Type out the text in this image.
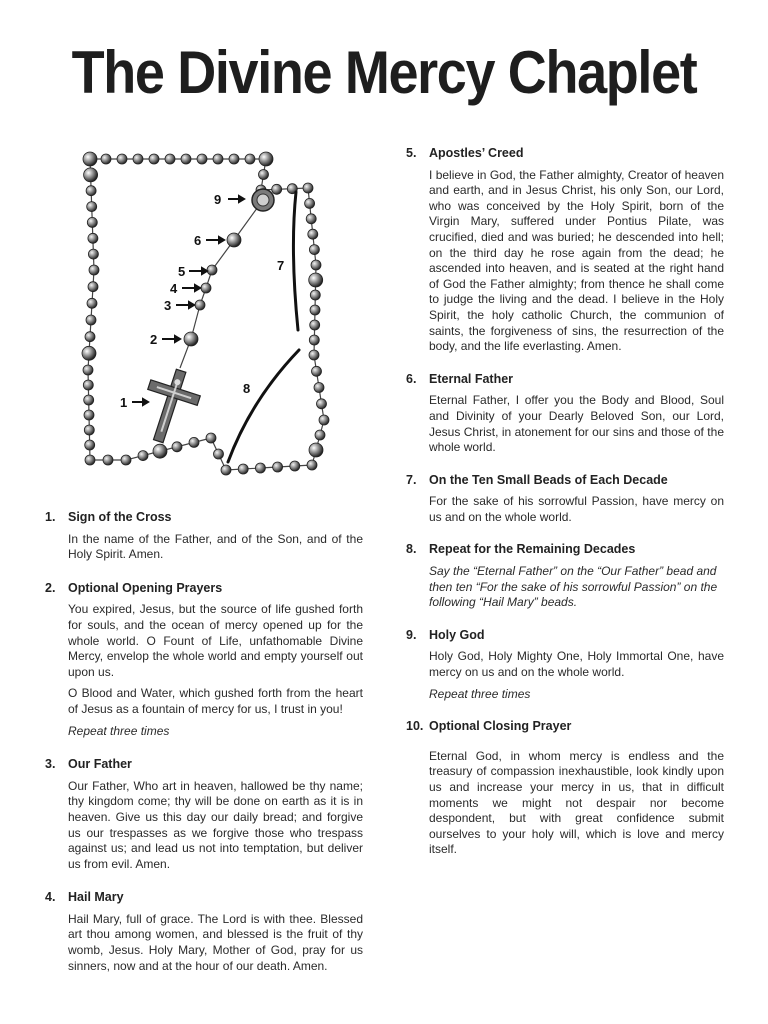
The Divine Mercy Chaplet
1
2
3
4
5
6
7
8
9
1.	Sign of the Cross

In the name of the Father, and of the Son, and of the Holy Spirit. Amen.

2.	Optional Opening Prayers

You expired, Jesus, but the source of life gushed forth for souls, and the ocean of mercy opened up for the whole world. O Fount of Life, unfathomable Divine Mercy, envelop the whole world and empty yourself out upon us.

O Blood and Water, which gushed forth from the heart of Jesus as a fountain of mercy for us, I trust in you!

Repeat three times

3.	Our Father

Our Father, Who art in heaven, hallowed be thy name; thy kingdom come; thy will be done on earth as it is in heaven. Give us this day our daily bread; and forgive us our trespasses as we forgive those who trespass against us; and lead us not into temptation, but deliver us from evil. Amen.

4.	Hail Mary

Hail Mary, full of grace. The Lord is with thee. Blessed art thou among women, and blessed is the fruit of thy womb, Jesus. Holy Mary, Mother of God, pray for us sinners, now and at the hour of our death. Amen.

5.	Apostles’ Creed

I believe in God, the Father almighty, Creator of heaven and earth, and in Jesus Christ, his only Son, our Lord, who was conceived by the Holy Spirit, born of the Virgin Mary, suffered under Pontius Pilate, was crucified, died and was buried; he descended into hell; on the third day he rose again from the dead; he ascended into heaven, and is seated at the right hand of God the Father almighty; from thence he shall come to judge the living and the dead. I believe in the Holy Spirit, the holy catholic Church, the communion of saints, the forgiveness of sins, the resurrection of the body, and the life everlasting. Amen.

6.	Eternal Father

Eternal Father, I offer you the Body and Blood, Soul and Divinity of your Dearly Beloved Son, our Lord, Jesus Christ, in atonement for our sins and those of the whole world.

7.	On the Ten Small Beads of Each Decade

For the sake of his sorrowful Passion, have mercy on us and on the whole world.

8.	Repeat for the Remaining Decades

Say the “Eternal Father” on the “Our Father” bead and then ten “For the sake of his sorrowful Passion” on the following “Hail Mary” beads.

9.	Holy God

Holy God, Holy Mighty One, Holy Immortal One, have mercy on us and on the whole world.

Repeat three times

10. Optional Closing Prayer

Eternal God, in whom mercy is endless and the treasury of compassion inexhaustible, look kindly upon us and increase your mercy in us, that in difficult moments we might not despair nor become despondent, but with great confidence submit ourselves to your holy will, which is love and mercy itself.
